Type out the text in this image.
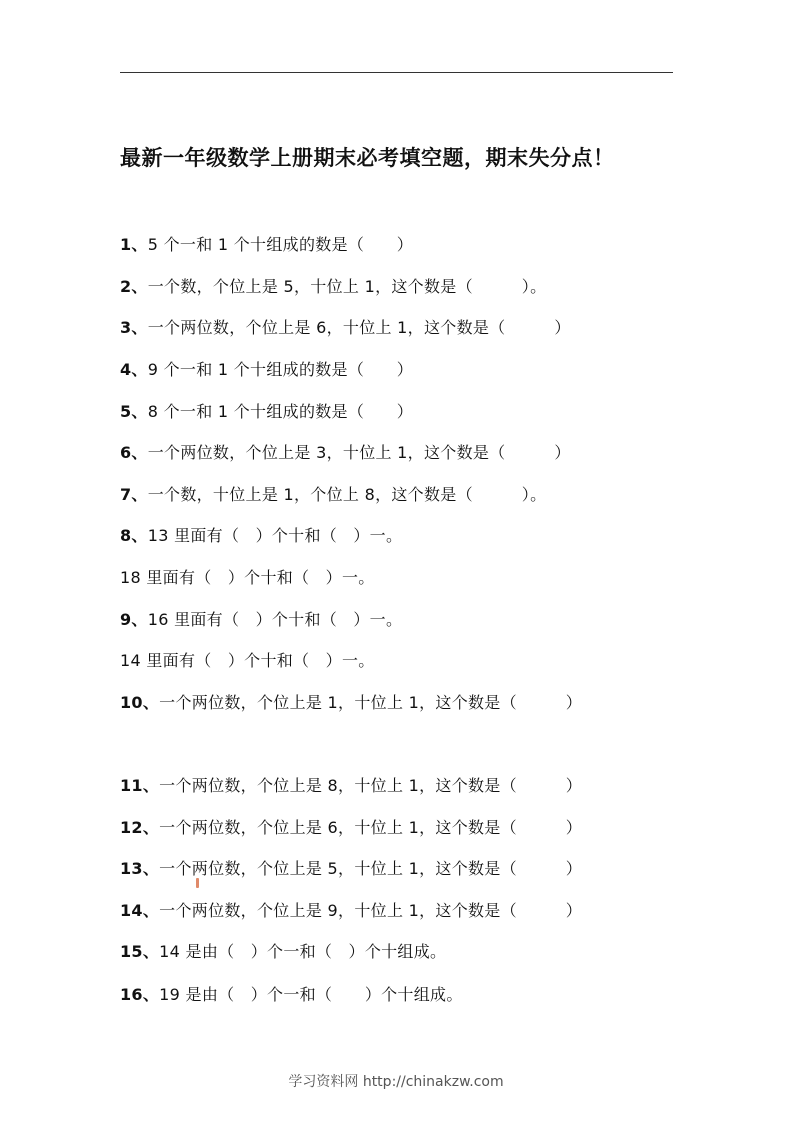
最新一年级数学上册期末必考填空题，期末失分点！
1、5 个一和 1 个十组成的数是（　　）
2、一个数，个位上是 5，十位上 1，这个数是（　　　）。
3、一个两位数，个位上是 6，十位上 1，这个数是（　　　）
4、9 个一和 1 个十组成的数是（　　）
5、8 个一和 1 个十组成的数是（　　）
6、一个两位数，个位上是 3，十位上 1，这个数是（　　　）
7、一个数，十位上是 1，个位上 8，这个数是（　　　）。
8、13 里面有（　）个十和（　）一。
18 里面有（　）个十和（　）一。
9、16 里面有（　）个十和（　）一。
14 里面有（　）个十和（　）一。
10、一个两位数，个位上是 1，十位上 1，这个数是（　　　）
11、一个两位数，个位上是 8，十位上 1，这个数是（　　　）
12、一个两位数，个位上是 6，十位上 1，这个数是（　　　）
13、一个两位数，个位上是 5，十位上 1，这个数是（　　　）
14、一个两位数，个位上是 9，十位上 1，这个数是（　　　）
15、14 是由（　）个一和（　）个十组成。
16、19 是由（　）个一和（　　）个十组成。
学习资料网 http://chinakzw.com
